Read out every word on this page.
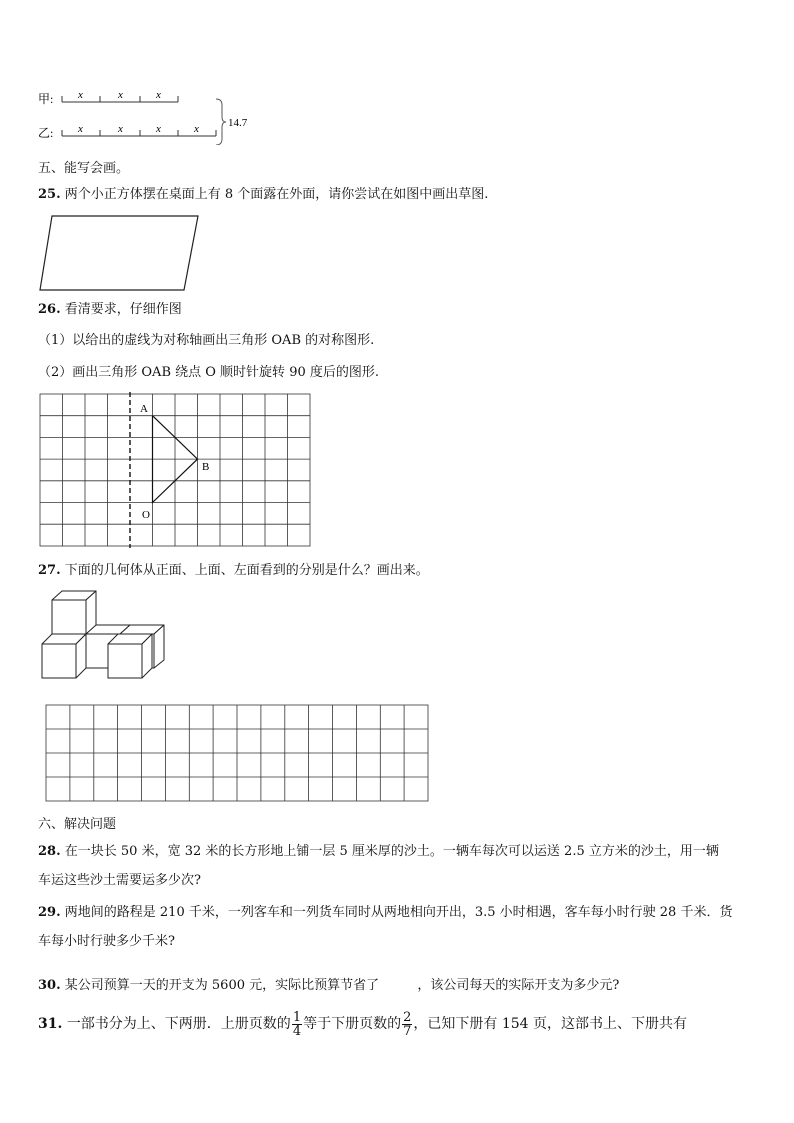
甲: x	x	x
乙: x	x	x	x	14.7
五、能写会画。
25. 两个小正方体摆在桌面上有 8 个面露在外面，请你尝试在如图中画出草图.
26. 看清要求，仔细作图
（1）以给出的虚线为对称轴画出三角形 OAB 的对称图形.
（2）画出三角形 OAB 绕点 O 顺时针旋转 90 度后的图形.
A
B
O
27. 下面的几何体从正面、上面、左面看到的分别是什么？画出来。
六、解决问题
28. 在一块长 50 米，宽 32 米的长方形地上铺一层 5 厘米厚的沙土。一辆车每次可以运送 2.5 立方米的沙土，用一辆
车运这些沙土需要运多少次?
29. 两地间的路程是 210 千米，一列客车和一列货车同时从两地相向开出，3.5 小时相遇，客车每小时行驶 28 千米．货
车每小时行驶多少千米?
30. 某公司预算一天的开支为 5600 元，实际比预算节省了	，该公司每天的实际开支为多少元?
31. 一部书分为上、下两册．上册页数的 $\frac{1}{4}$ 等于下册页数的 $\frac{2}{7}$ ，已知下册有 154 页，这部书上、下册共有
